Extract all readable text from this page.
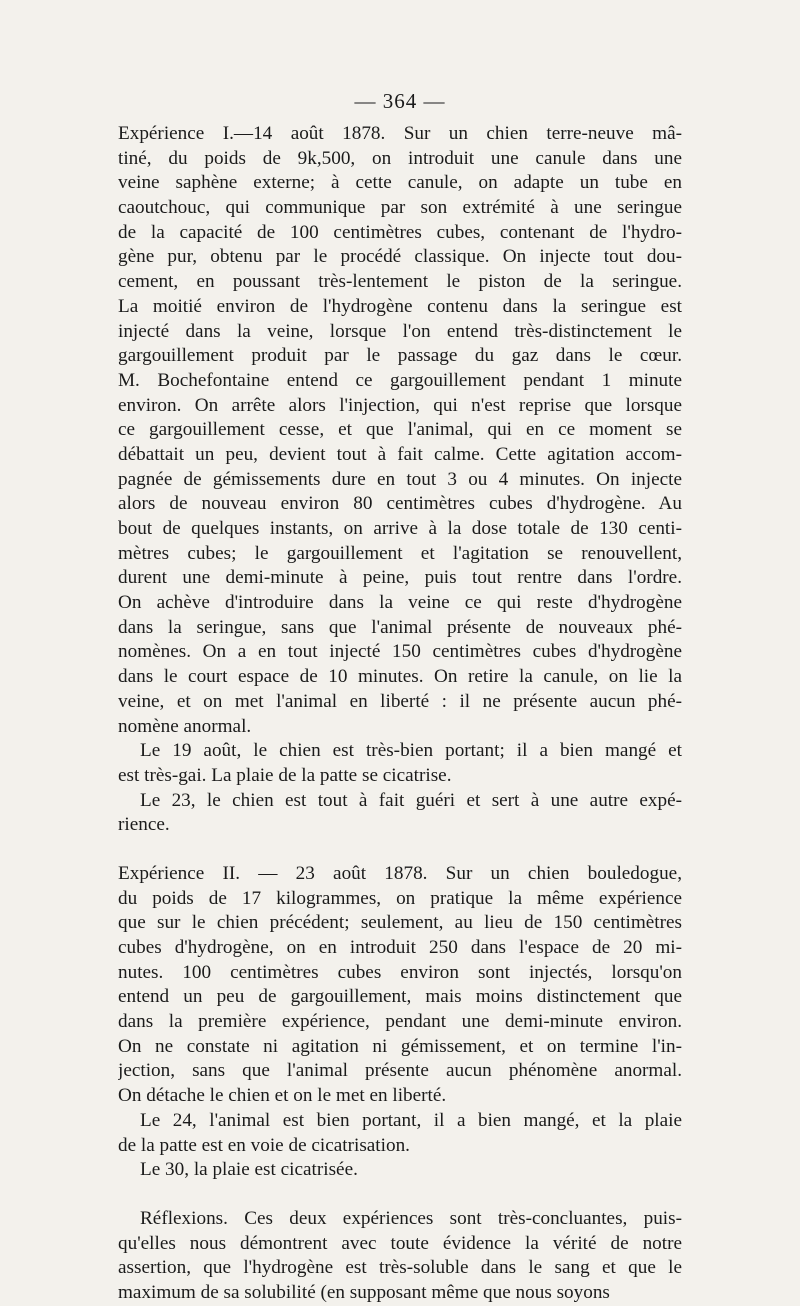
— 364 —
Expérience I.—14 août 1878. Sur un chien terre-neuve mâ-
tiné, du poids de 9k,500, on introduit une canule dans une
veine saphène externe; à cette canule, on adapte un tube en
caoutchouc, qui communique par son extrémité à une seringue
de la capacité de 100 centimètres cubes, contenant de l'hydro-
gène pur, obtenu par le procédé classique. On injecte tout dou-
cement, en poussant très-lentement le piston de la seringue.
La moitié environ de l'hydrogène contenu dans la seringue est
injecté dans la veine, lorsque l'on entend très-distinctement le
gargouillement produit par le passage du gaz dans le cœur.
M. Bochefontaine entend ce gargouillement pendant 1 minute
environ. On arrête alors l'injection, qui n'est reprise que lorsque
ce gargouillement cesse, et que l'animal, qui en ce moment se
débattait un peu, devient tout à fait calme. Cette agitation accom-
pagnée de gémissements dure en tout 3 ou 4 minutes. On injecte
alors de nouveau environ 80 centimètres cubes d'hydrogène. Au
bout de quelques instants, on arrive à la dose totale de 130 centi-
mètres cubes; le gargouillement et l'agitation se renouvellent,
durent une demi-minute à peine, puis tout rentre dans l'ordre.
On achève d'introduire dans la veine ce qui reste d'hydrogène
dans la seringue, sans que l'animal présente de nouveaux phé-
nomènes. On a en tout injecté 150 centimètres cubes d'hydrogène
dans le court espace de 10 minutes. On retire la canule, on lie la
veine, et on met l'animal en liberté : il ne présente aucun phé-
nomène anormal.
Le 19 août, le chien est très-bien portant; il a bien mangé et
est très-gai. La plaie de la patte se cicatrise.
Le 23, le chien est tout à fait guéri et sert à une autre expé-
rience.
Expérience II. — 23 août 1878. Sur un chien bouledogue,
du poids de 17 kilogrammes, on pratique la même expérience
que sur le chien précédent; seulement, au lieu de 150 centimètres
cubes d'hydrogène, on en introduit 250 dans l'espace de 20 mi-
nutes. 100 centimètres cubes environ sont injectés, lorsqu'on
entend un peu de gargouillement, mais moins distinctement que
dans la première expérience, pendant une demi-minute environ.
On ne constate ni agitation ni gémissement, et on termine l'in-
jection, sans que l'animal présente aucun phénomène anormal.
On détache le chien et on le met en liberté.
Le 24, l'animal est bien portant, il a bien mangé, et la plaie
de la patte est en voie de cicatrisation.
Le 30, la plaie est cicatrisée.
Réflexions. Ces deux expériences sont très-concluantes, puis-
qu'elles nous démontrent avec toute évidence la vérité de notre
assertion, que l'hydrogène est très-soluble dans le sang et que le
maximum de sa solubilité (en supposant même que nous soyons
